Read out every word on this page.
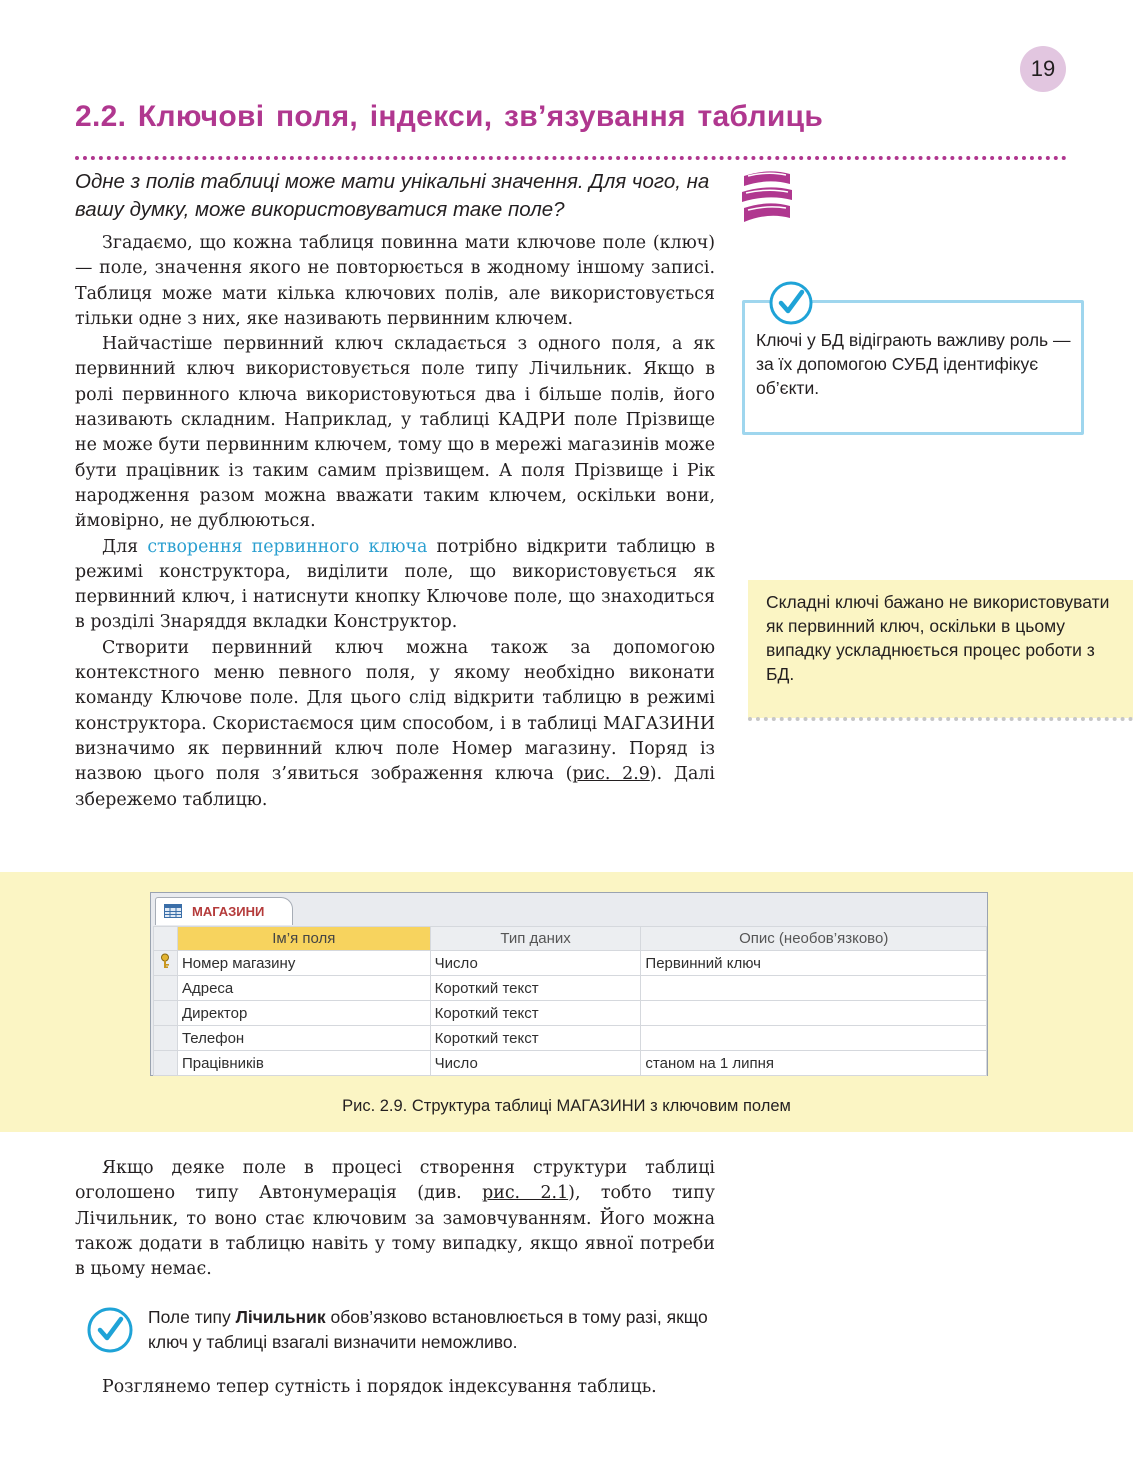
19
2.2. Ключові поля, індекси, зв’язування таблиць
Одне з полів таблиці може мати унікальні значення. Для чого, на вашу думку, може використовуватися таке поле?

Згадаємо, що кожна таблиця повинна мати ключове поле (ключ) — поле, значення якого не повторюється в жодному іншому записі. Таблиця може мати кілька ключових полів, але використовується тільки одне з них, яке називають первинним ключем.

Найчастіше первинний ключ складається з одного поля, а як первинний ключ використовується поле типу Лічильник. Якщо в ролі первинного ключа використовуються два і більше полів, його називають складним. Наприклад, у таблиці КАДРИ поле Прізвище не може бути первинним ключем, тому що в мережі магазинів може бути працівник із таким самим прізвищем. А поля Прізвище і Рік народження разом можна вважати таким ключем, оскільки вони, ймовірно, не дублюються.

Для створення первинного ключа потрібно відкрити таблицю в режимі конструктора, виділити поле, що використовується як первинний ключ, і натиснути кнопку Ключове поле, що знаходиться в розділі Знаряддя вкладки Конструктор.

Створити первинний ключ можна також за допомогою контекстного меню певного поля, у якому необхідно виконати команду Ключове поле. Для цього слід відкрити таблицю в режимі конструктора. Скористаємося цим способом, і в таблиці МАГАЗИНИ визначимо як первинний ключ поле Номер магазину. Поряд із назвою цього поля з’явиться зображення ключа (рис. 2.9). Далі збережемо таблицю.

Ключі у БД відіграють важливу роль — за їх допомогою СУБД ідентифікує об’єкти.
Складні ключі бажано не використовувати як первинний ключ, оскільки в цьому випадку ускладнюється процес роботи з БД.
МАГАЗИНИ
	Ім’я поля	Тип даних	Опис (необов’язково)
	Номер магазину	Число	Первинний ключ
	Адреса	Короткий текст	
	Директор	Короткий текст	
	Телефон	Короткий текст	
	Працівників	Число	станом на 1 липня
Рис. 2.9. Структура таблиці МАГАЗИНИ з ключовим полем

Якщо деяке поле в процесі створення структури таблиці оголошено типу Автонумерація (див. рис. 2.1), тобто типу Лічильник, то воно стає ключовим за замовчуванням. Його можна також додати в таблицю навіть у тому випадку, якщо явної потреби в цьому немає.

Поле типу Лічильник обов’язково встановлюється в тому разі, якщо ключ у таблиці взагалі визначити неможливо.

Розглянемо тепер сутність і порядок індексування таблиць.
